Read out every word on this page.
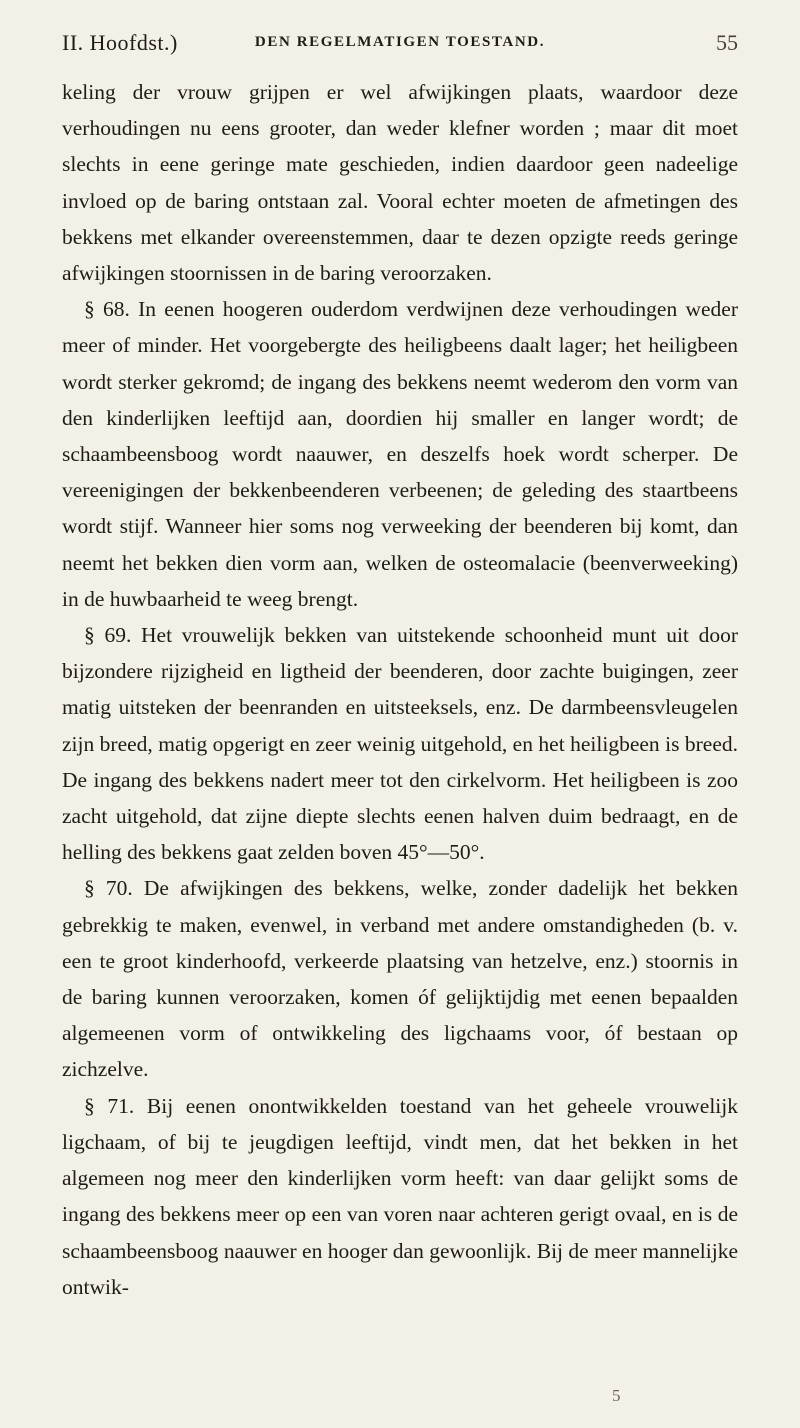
II. Hoofdst.)	DEN REGELMATIGEN TOESTAND.	55

keling der vrouw grijpen er wel afwijkingen plaats, waardoor deze verhoudingen nu eens grooter, dan weder klefner worden ; maar dit moet slechts in eene geringe mate geschieden, indien daardoor geen nadeelige invloed op de baring ontstaan zal. Vooral echter moeten de afmetingen des bekkens met elkander overeenstemmen, daar te dezen opzigte reeds geringe afwijkingen stoornissen in de baring veroorzaken.

§ 68. In eenen hoogeren ouderdom verdwijnen deze verhoudingen weder meer of minder. Het voorgebergte des heiligbeens daalt lager; het heiligbeen wordt sterker gekromd; de ingang des bekkens neemt wederom den vorm van den kinderlijken leeftijd aan, doordien hij smaller en langer wordt; de schaambeensboog wordt naauwer, en deszelfs hoek wordt scherper. De vereenigingen der bekkenbeenderen verbeenen; de geleding des staartbeens wordt stijf. Wanneer hier soms nog verweeking der beenderen bij komt, dan neemt het bekken dien vorm aan, welken de osteomalacie (beenverweeking) in de huwbaarheid te weeg brengt.

§ 69. Het vrouwelijk bekken van uitstekende schoonheid munt uit door bijzondere rijzigheid en ligtheid der beenderen, door zachte buigingen, zeer matig uitsteken der beenranden en uitsteeksels, enz. De darmbeensvleugelen zijn breed, matig opgerigt en zeer weinig uitgehold, en het heiligbeen is breed. De ingang des bekkens nadert meer tot den cirkelvorm. Het heiligbeen is zoo zacht uitgehold, dat zijne diepte slechts eenen halven duim bedraagt, en de helling des bekkens gaat zelden boven 45°—50°.

§ 70. De afwijkingen des bekkens, welke, zonder dadelijk het bekken gebrekkig te maken, evenwel, in verband met andere omstandigheden (b. v. een te groot kinderhoofd, verkeerde plaatsing van hetzelve, enz.) stoornis in de baring kunnen veroorzaken, komen óf gelijktijdig met eenen bepaalden algemeenen vorm of ontwikkeling des ligchaams voor, óf bestaan op zichzelve.

§ 71. Bij eenen onontwikkelden toestand van het geheele vrouwelijk ligchaam, of bij te jeugdigen leeftijd, vindt men, dat het bekken in het algemeen nog meer den kinderlijken vorm heeft: van daar gelijkt soms de ingang des bekkens meer op een van voren naar achteren gerigt ovaal, en is de schaambeensboog naauwer en hooger dan gewoonlijk. Bij de meer mannelijke ontwik-

5
